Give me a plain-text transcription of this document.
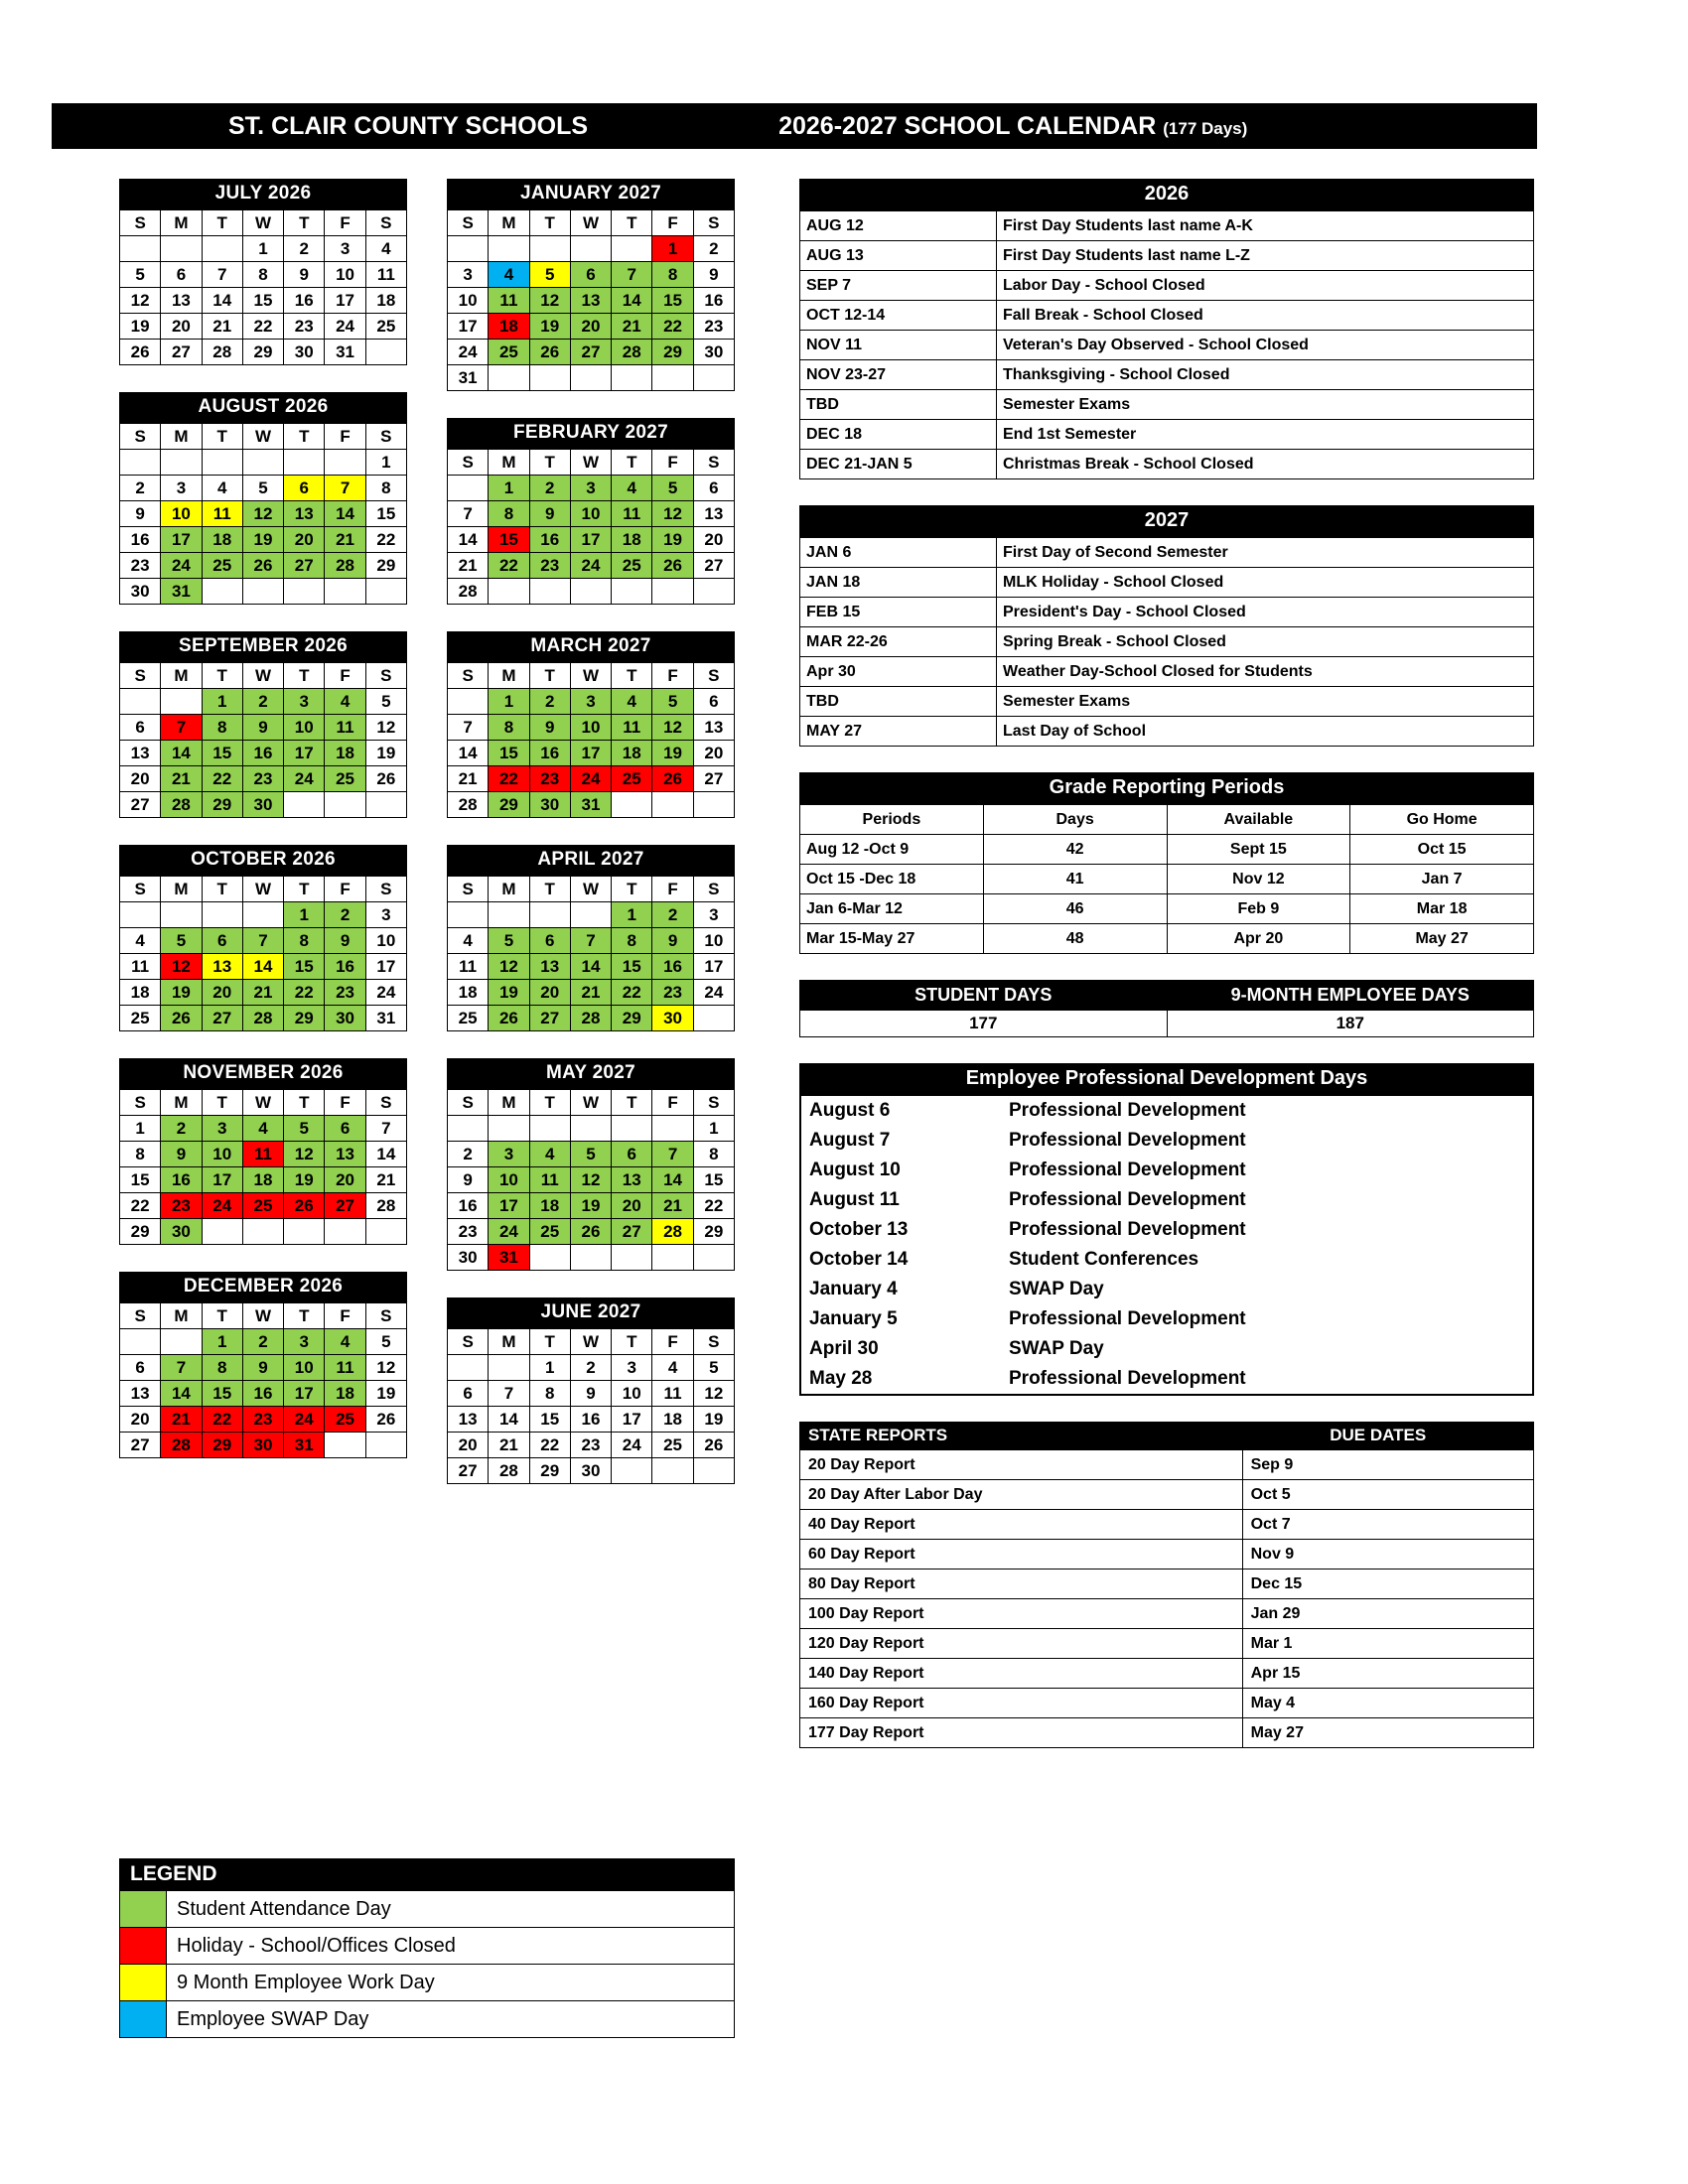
ST. CLAIR COUNTY SCHOOLS	2026-2027 SCHOOL CALENDAR (177 Days)
JULY 2026
S	M	T	W	T	F	S
			1	2	3	4
5	6	7	8	9	10	11
12	13	14	15	16	17	18
19	20	21	22	23	24	25
26	27	28	29	30	31	
AUGUST 2026
S	M	T	W	T	F	S
						1
2	3	4	5	6	7	8
9	10	11	12	13	14	15
16	17	18	19	20	21	22
23	24	25	26	27	28	29
30	31					
SEPTEMBER 2026
S	M	T	W	T	F	S
		1	2	3	4	5
6	7	8	9	10	11	12
13	14	15	16	17	18	19
20	21	22	23	24	25	26
27	28	29	30			
OCTOBER 2026
S	M	T	W	T	F	S
				1	2	3
4	5	6	7	8	9	10
11	12	13	14	15	16	17
18	19	20	21	22	23	24
25	26	27	28	29	30	31
NOVEMBER 2026
S	M	T	W	T	F	S
1	2	3	4	5	6	7
8	9	10	11	12	13	14
15	16	17	18	19	20	21
22	23	24	25	26	27	28
29	30					
DECEMBER 2026
S	M	T	W	T	F	S
		1	2	3	4	5
6	7	8	9	10	11	12
13	14	15	16	17	18	19
20	21	22	23	24	25	26
27	28	29	30	31		
JANUARY 2027
S	M	T	W	T	F	S
					1	2
3	4	5	6	7	8	9
10	11	12	13	14	15	16
17	18	19	20	21	22	23
24	25	26	27	28	29	30
31						
FEBRUARY 2027
S	M	T	W	T	F	S
	1	2	3	4	5	6
7	8	9	10	11	12	13
14	15	16	17	18	19	20
21	22	23	24	25	26	27
28						
MARCH 2027
S	M	T	W	T	F	S
	1	2	3	4	5	6
7	8	9	10	11	12	13
14	15	16	17	18	19	20
21	22	23	24	25	26	27
28	29	30	31			
APRIL 2027
S	M	T	W	T	F	S
				1	2	3
4	5	6	7	8	9	10
11	12	13	14	15	16	17
18	19	20	21	22	23	24
25	26	27	28	29	30	
MAY 2027
S	M	T	W	T	F	S
						1
2	3	4	5	6	7	8
9	10	11	12	13	14	15
16	17	18	19	20	21	22
23	24	25	26	27	28	29
30	31					
JUNE 2027
S	M	T	W	T	F	S
		1	2	3	4	5
6	7	8	9	10	11	12
13	14	15	16	17	18	19
20	21	22	23	24	25	26
27	28	29	30			
2026
AUG 12	First Day Students last name A-K
AUG 13	First Day Students last name L-Z
SEP 7	Labor Day - School Closed
OCT 12-14	Fall Break - School Closed
NOV 11	Veteran's Day Observed - School Closed
NOV 23-27	Thanksgiving - School Closed
TBD	Semester Exams
DEC 18	End 1st Semester
DEC 21-JAN 5	Christmas Break - School Closed
2027
JAN 6	First Day of Second Semester
JAN 18	MLK Holiday - School Closed
FEB 15	President's Day - School Closed
MAR 22-26	Spring Break - School Closed
Apr 30	Weather Day-School Closed for Students
TBD	Semester Exams
MAY 27	Last Day of School
Grade Reporting Periods
Periods	Days	Available	Go Home
Aug 12 -Oct 9	42	Sept 15	Oct 15
Oct 15 -Dec 18	41	Nov 12	Jan 7
Jan 6-Mar 12	46	Feb 9	Mar 18
Mar 15-May 27	48	Apr 20	May 27
STUDENT DAYS	9-MONTH EMPLOYEE DAYS
177	187
Employee Professional Development Days
August 6	Professional Development
August 7	Professional Development
August 10	Professional Development
August 11	Professional Development
October 13	Professional Development
October 14	Student Conferences
January 4	SWAP Day
January 5	Professional Development
April 30	SWAP Day
May 28	Professional Development
STATE REPORTS	DUE DATES
20 Day Report	Sep 9
20 Day After Labor Day	Oct 5
40 Day Report	Oct 7
60 Day Report	Nov 9
80 Day Report	Dec 15
100 Day Report	Jan 29
120 Day Report	Mar 1
140 Day Report	Apr 15
160 Day Report	May 4
177 Day Report	May 27
LEGEND
	Student Attendance Day
	Holiday - School/Offices Closed
	9 Month Employee Work Day
	Employee SWAP Day
